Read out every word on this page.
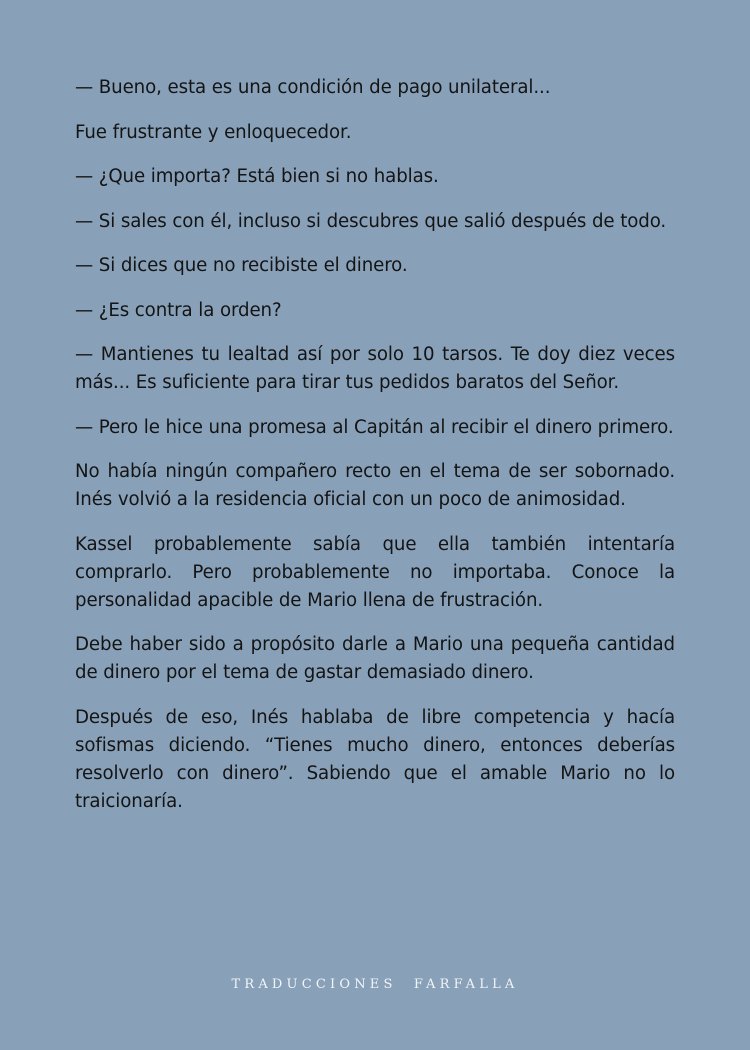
— Bueno, esta es una condición de pago unilateral...

Fue frustrante y enloquecedor.

— ¿Que importa? Está bien si no hablas.

— Si sales con él, incluso si descubres que salió después de todo.

— Si dices que no recibiste el dinero.

— ¿Es contra la orden?

— Mantienes tu lealtad así por solo 10 tarsos. Te doy diez veces más... Es suficiente para tirar tus pedidos baratos del Señor.

— Pero le hice una promesa al Capitán al recibir el dinero primero.

No había ningún compañero recto en el tema de ser sobornado. Inés volvió a la residencia oficial con un poco de animosidad.

Kassel probablemente sabía que ella también intentaría comprarlo. Pero probablemente no importaba. Conoce la personalidad apacible de Mario llena de frustración.

Debe haber sido a propósito darle a Mario una pequeña cantidad de dinero por el tema de gastar demasiado dinero.

Después de eso, Inés hablaba de libre competencia y hacía sofismas diciendo. “Tienes mucho dinero, entonces deberías resolverlo con dinero”. Sabiendo que el amable Mario no lo traicionaría.

TRADUCCIONES FARFALLA
